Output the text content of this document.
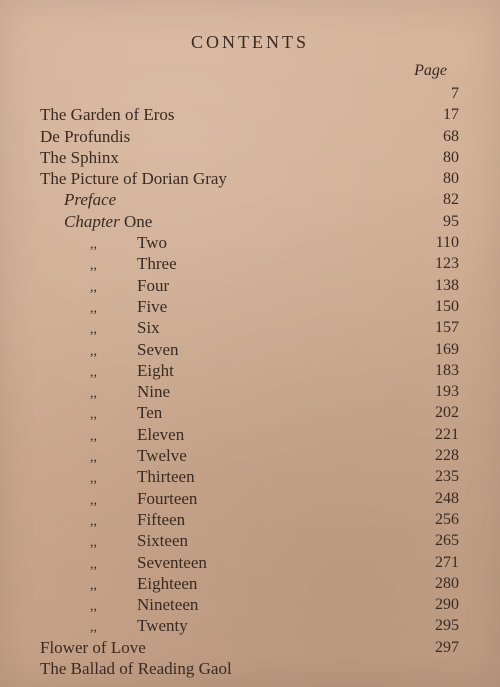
CONTENTS
Page
7
The Garden of Eros	17
De Profundis	68
The Sphinx	80
The Picture of Dorian Gray	80
Preface	82
Chapter One	95
,, Two	110
,, Three	123
,, Four	138
,, Five	150
,, Six	157
,, Seven	169
,, Eight	183
,, Nine	193
,, Ten	202
,, Eleven	221
,, Twelve	228
,, Thirteen	235
,, Fourteen	248
,, Fifteen	256
,, Sixteen	265
,, Seventeen	271
,, Eighteen	280
,, Nineteen	290
,, Twenty	295
Flower of Love	297
The Ballad of Reading Gaol
